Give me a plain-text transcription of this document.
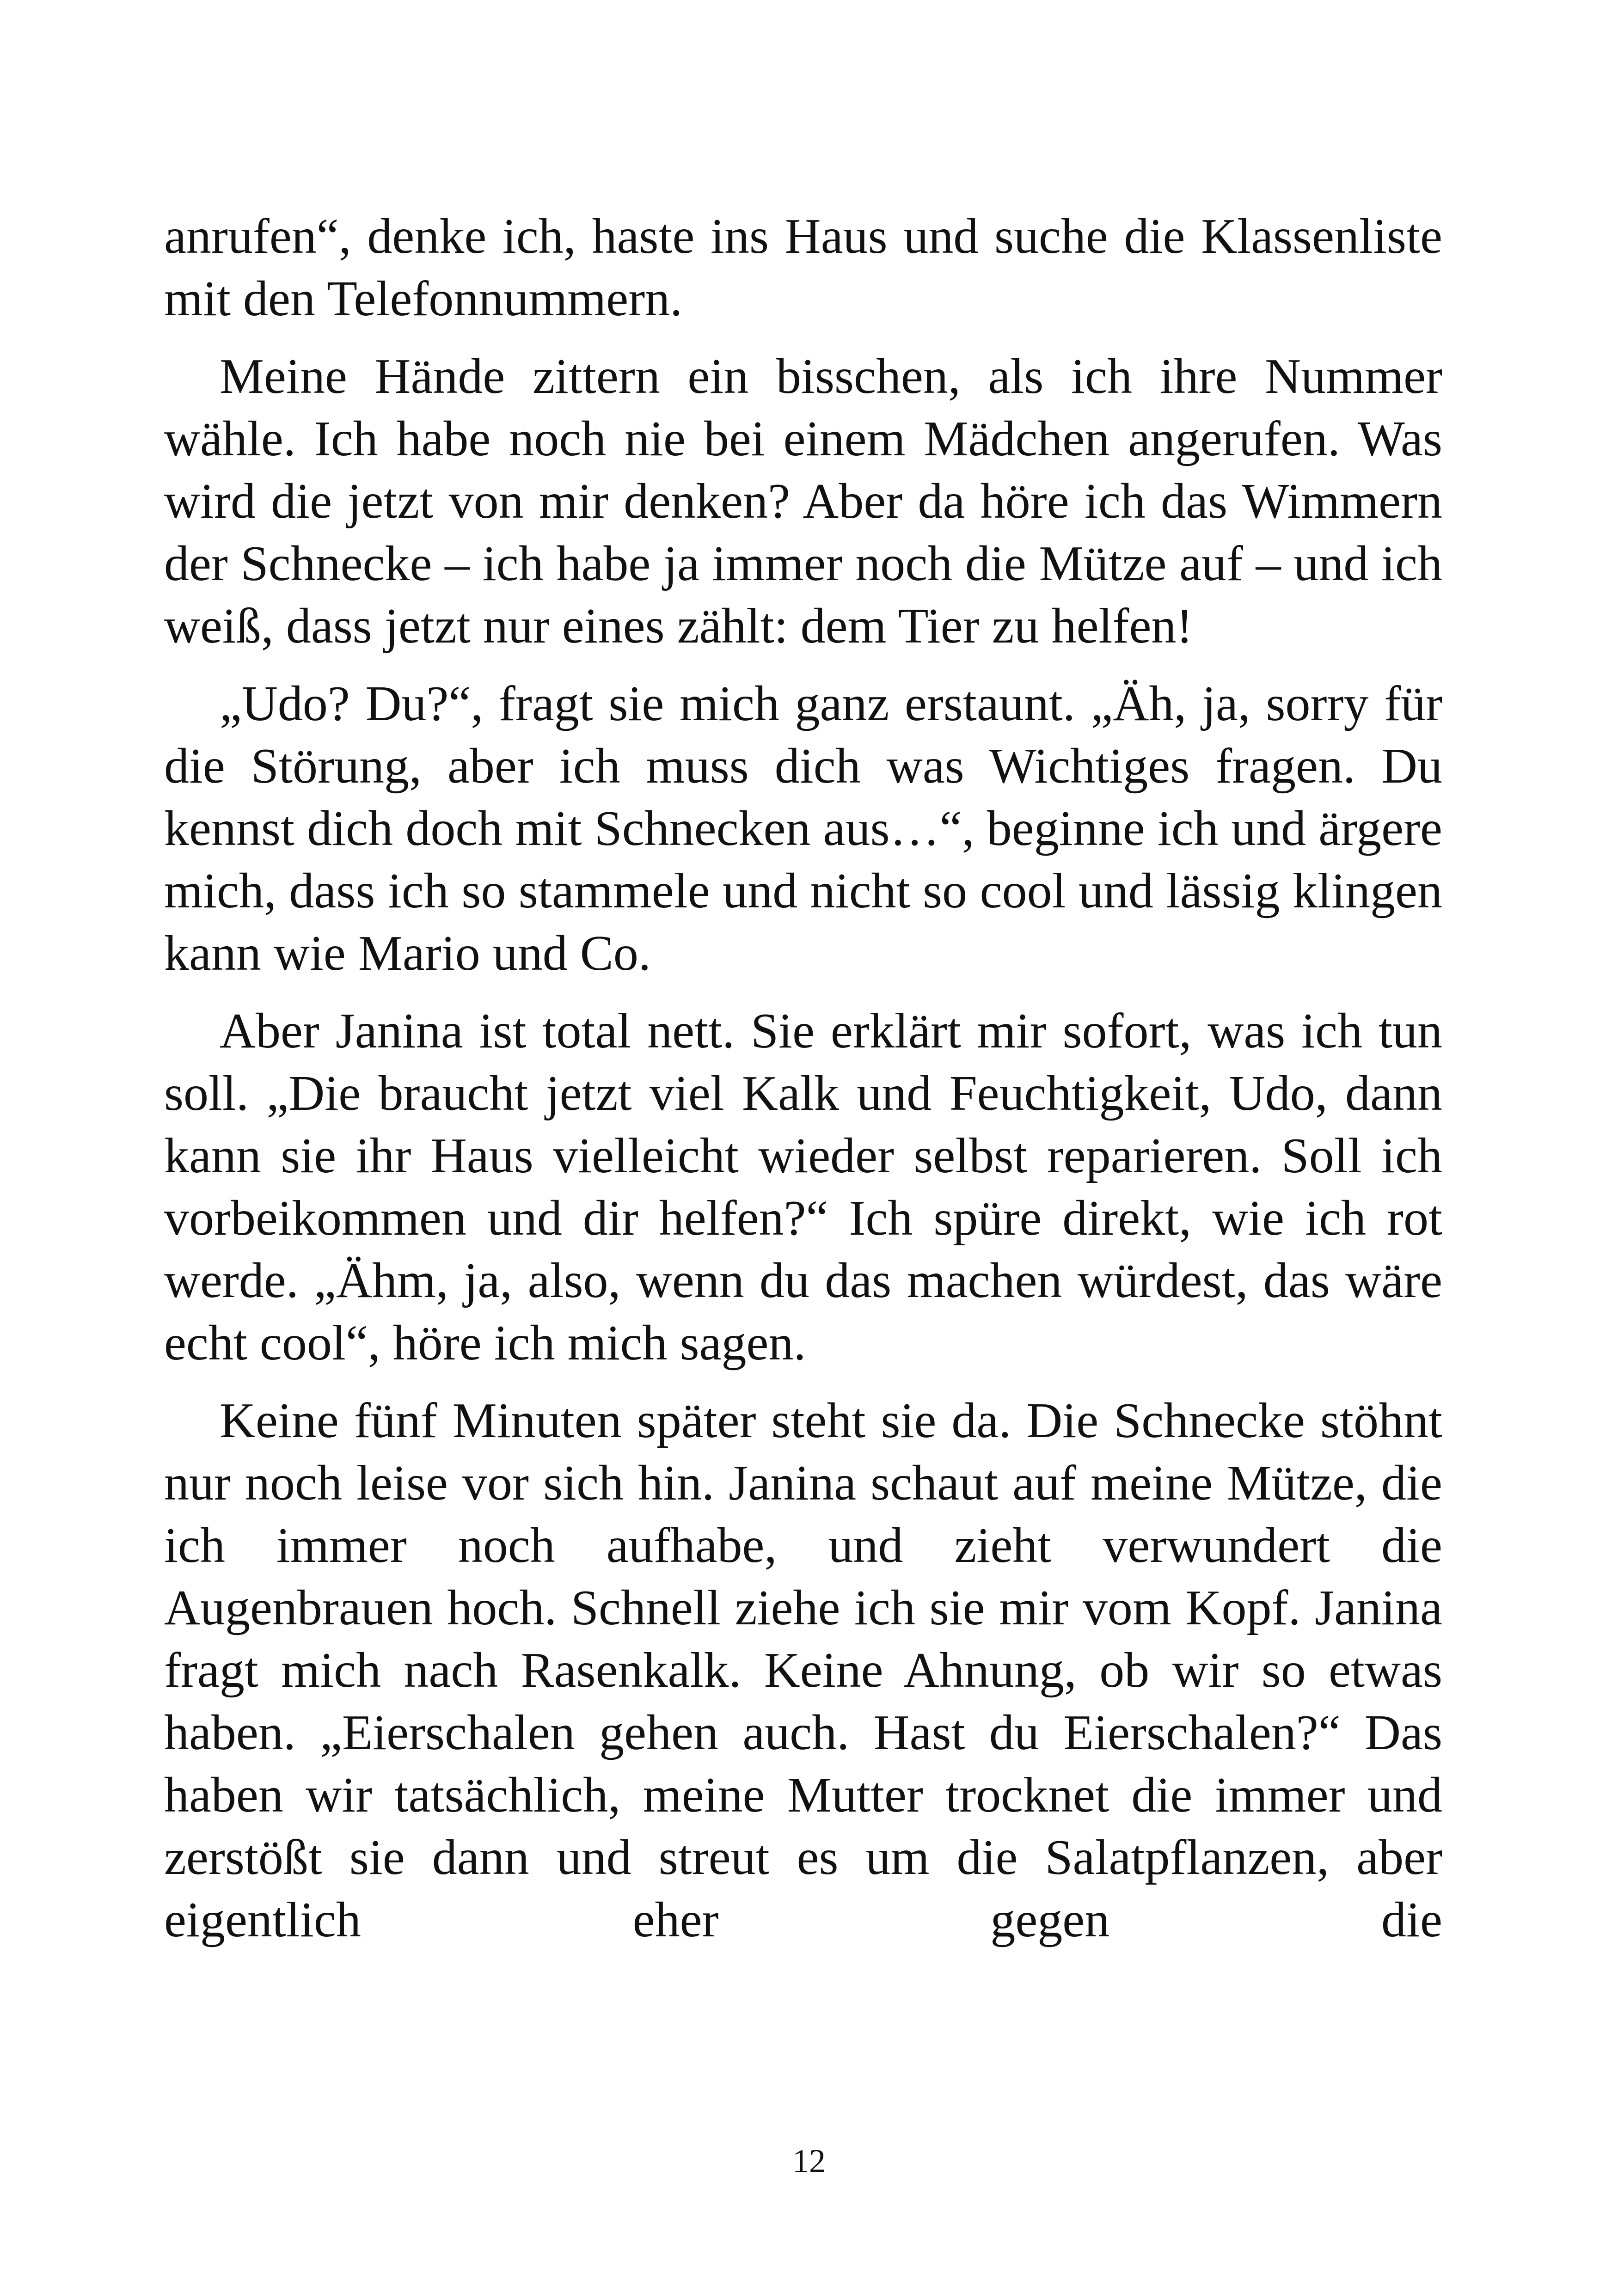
anrufen“, denke ich, haste ins Haus und suche die Klassenliste mit den Telefonnummern.

Meine Hände zittern ein bisschen, als ich ihre Nummer wähle. Ich habe noch nie bei einem Mädchen angerufen. Was wird die jetzt von mir denken? Aber da höre ich das Wimmern der Schnecke – ich habe ja immer noch die Mütze auf – und ich weiß, dass jetzt nur eines zählt: dem Tier zu helfen!

„Udo? Du?“, fragt sie mich ganz erstaunt. „Äh, ja, sorry für die Störung, aber ich muss dich was Wichtiges fragen. Du kennst dich doch mit Schnecken aus…“, beginne ich und ärgere mich, dass ich so stammele und nicht so cool und lässig klingen kann wie Mario und Co.

Aber Janina ist total nett. Sie erklärt mir sofort, was ich tun soll. „Die braucht jetzt viel Kalk und Feuchtigkeit, Udo, dann kann sie ihr Haus vielleicht wieder selbst reparieren. Soll ich vorbeikommen und dir helfen?“ Ich spüre direkt, wie ich rot werde. „Ähm, ja, also, wenn du das machen würdest, das wäre echt cool“, höre ich mich sagen.

Keine fünf Minuten später steht sie da. Die Schnecke stöhnt nur noch leise vor sich hin. Janina schaut auf meine Mütze, die ich immer noch aufhabe, und zieht verwundert die Augenbrauen hoch. Schnell ziehe ich sie mir vom Kopf. Janina fragt mich nach Rasenkalk. Keine Ahnung, ob wir so etwas haben. „Eierschalen gehen auch. Hast du Eierschalen?“ Das haben wir tatsächlich, meine Mutter trocknet die immer und zerstößt sie dann und streut es um die Salatpflanzen, aber eigentlich eher gegen die

12
